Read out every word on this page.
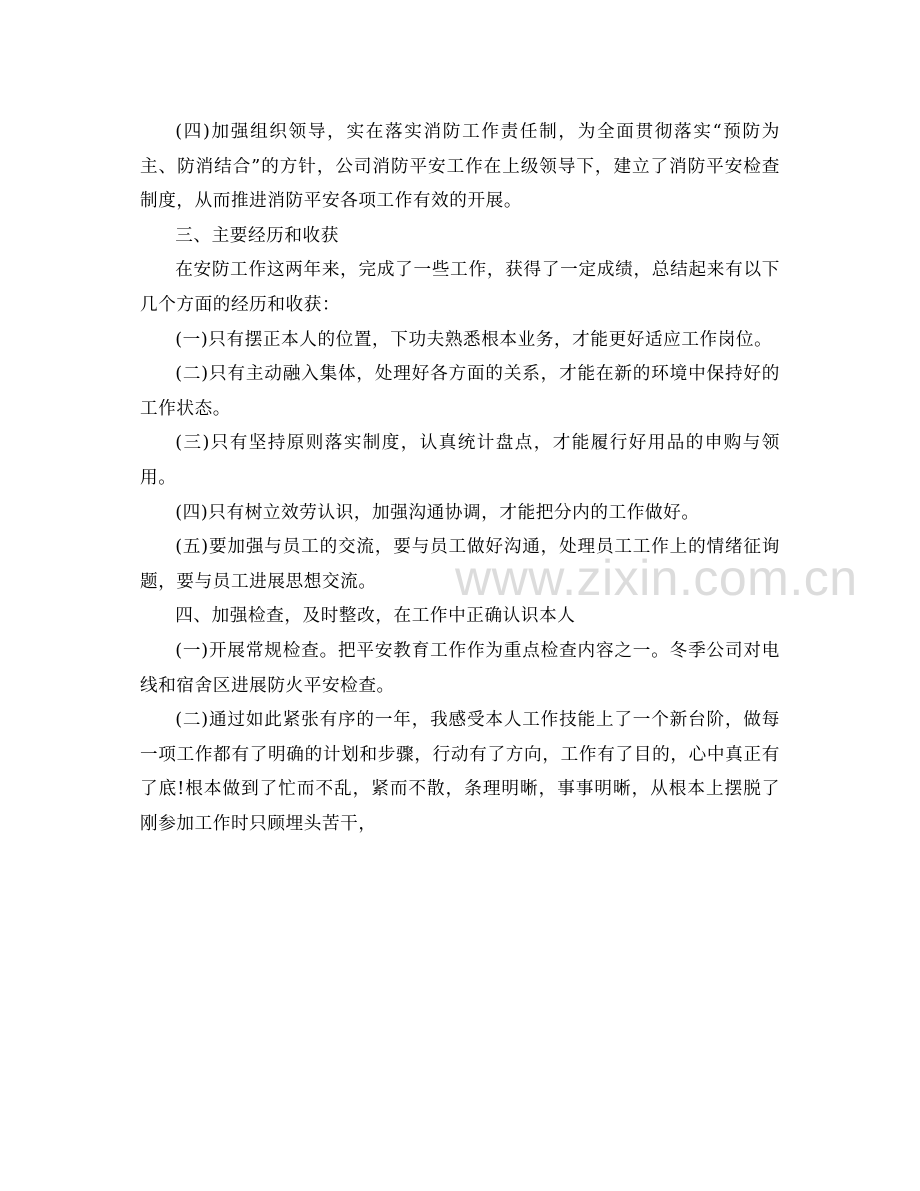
(四)加强组织领导，实在落实消防工作责任制，为全面贯彻落实“预防为主、防消结合”的方针，公司消防平安工作在上级领导下，建立了消防平安检查制度，从而推进消防平安各项工作有效的开展。

三、主要经历和收获

在安防工作这两年来，完成了一些工作，获得了一定成绩，总结起来有以下几个方面的经历和收获：

(一)只有摆正本人的位置，下功夫熟悉根本业务，才能更好适应工作岗位。

(二)只有主动融入集体，处理好各方面的关系，才能在新的环境中保持好的工作状态。

(三)只有坚持原则落实制度，认真统计盘点，才能履行好用品的申购与领用。

(四)只有树立效劳认识，加强沟通协调，才能把分内的工作做好。

(五)要加强与员工的交流，要与员工做好沟通，处理员工工作上的情绪征询题，要与员工进展思想交流。

四、加强检查，及时整改，在工作中正确认识本人

(一)开展常规检查。把平安教育工作作为重点检查内容之一。冬季公司对电线和宿舍区进展防火平安检查。

(二)通过如此紧张有序的一年，我感受本人工作技能上了一个新台阶，做每一项工作都有了明确的计划和步骤，行动有了方向，工作有了目的，心中真正有了底!根本做到了忙而不乱，紧而不散，条理明晰，事事明晰，从根本上摆脱了刚参加工作时只顾埋头苦干，

www.zixin.com.cn
